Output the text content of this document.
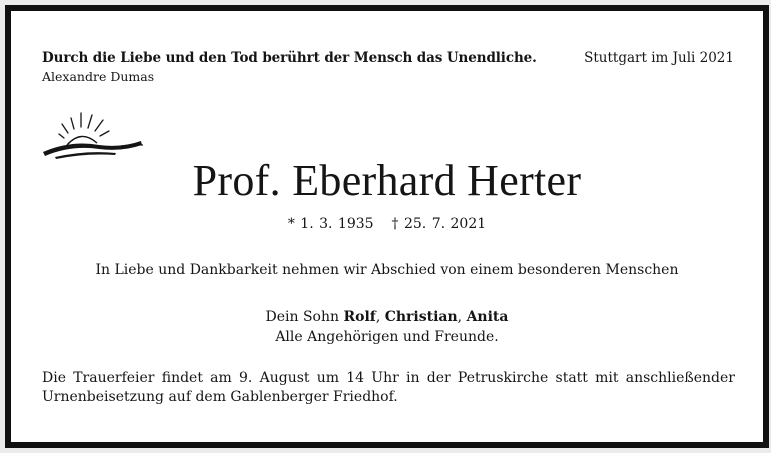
Durch die Liebe und den Tod berührt der Mensch das Unendliche.
Alexandre Dumas
Stuttgart im Juli 2021
Prof. Eberhard Herter
* 1. 3. 1935 † 25. 7. 2021
In Liebe und Dankbarkeit nehmen wir Abschied von einem besonderen Menschen
Dein Sohn Rolf, Christian, Anita
Alle Angehörigen und Freunde.
Die Trauerfeier findet am 9. August um 14 Uhr in der Petruskirche statt mit anschließender Urnenbeisetzung auf dem Gablenberger Friedhof.
